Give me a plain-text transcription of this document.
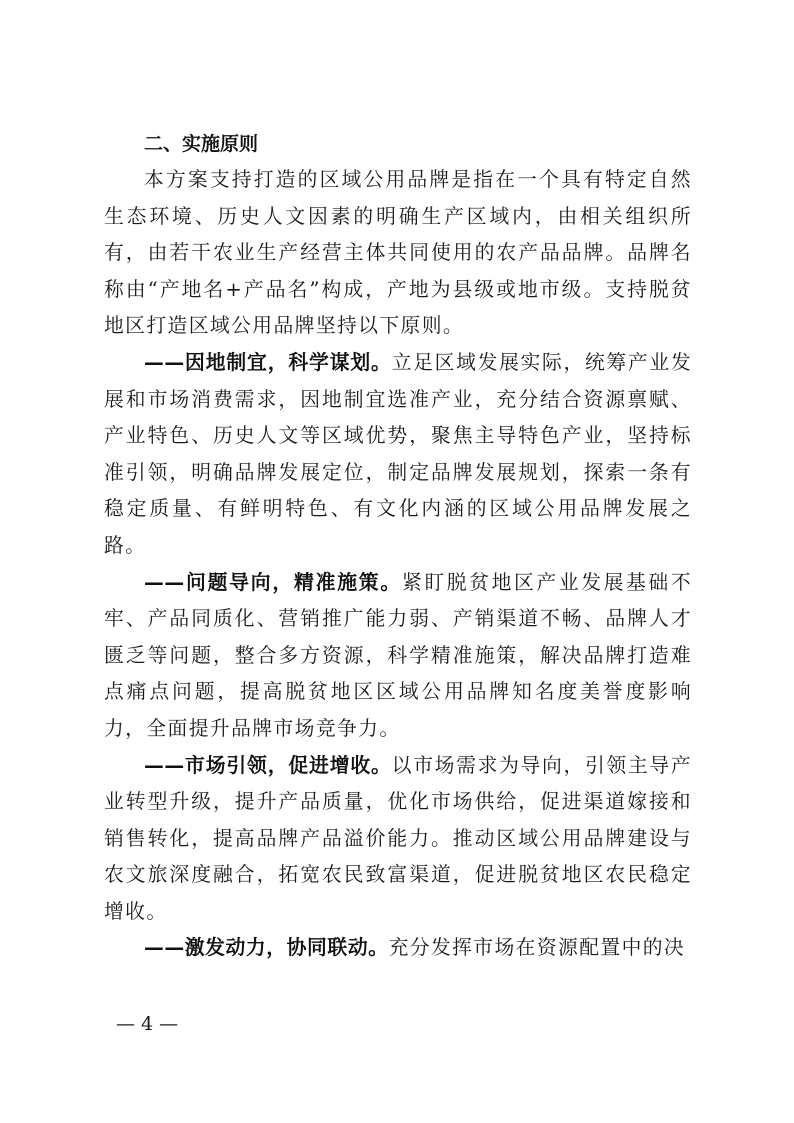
二、实施原则

本方案支持打造的区域公用品牌是指在一个具有特定自然生态环境、历史人文因素的明确生产区域内，由相关组织所有，由若干农业生产经营主体共同使用的农产品品牌。品牌名称由“产地名+产品名”构成，产地为县级或地市级。支持脱贫地区打造区域公用品牌坚持以下原则。

——因地制宜，科学谋划。立足区域发展实际，统筹产业发展和市场消费需求，因地制宜选准产业，充分结合资源禀赋、产业特色、历史人文等区域优势，聚焦主导特色产业，坚持标准引领，明确品牌发展定位，制定品牌发展规划，探索一条有稳定质量、有鲜明特色、有文化内涵的区域公用品牌发展之路。

——问题导向，精准施策。紧盯脱贫地区产业发展基础不牢、产品同质化、营销推广能力弱、产销渠道不畅、品牌人才匮乏等问题，整合多方资源，科学精准施策，解决品牌打造难点痛点问题，提高脱贫地区区域公用品牌知名度美誉度影响力，全面提升品牌市场竞争力。

——市场引领，促进增收。以市场需求为导向，引领主导产业转型升级，提升产品质量，优化市场供给，促进渠道嫁接和销售转化，提高品牌产品溢价能力。推动区域公用品牌建设与农文旅深度融合，拓宽农民致富渠道，促进脱贫地区农民稳定增收。

——激发动力，协同联动。充分发挥市场在资源配置中的决

— 4 —
